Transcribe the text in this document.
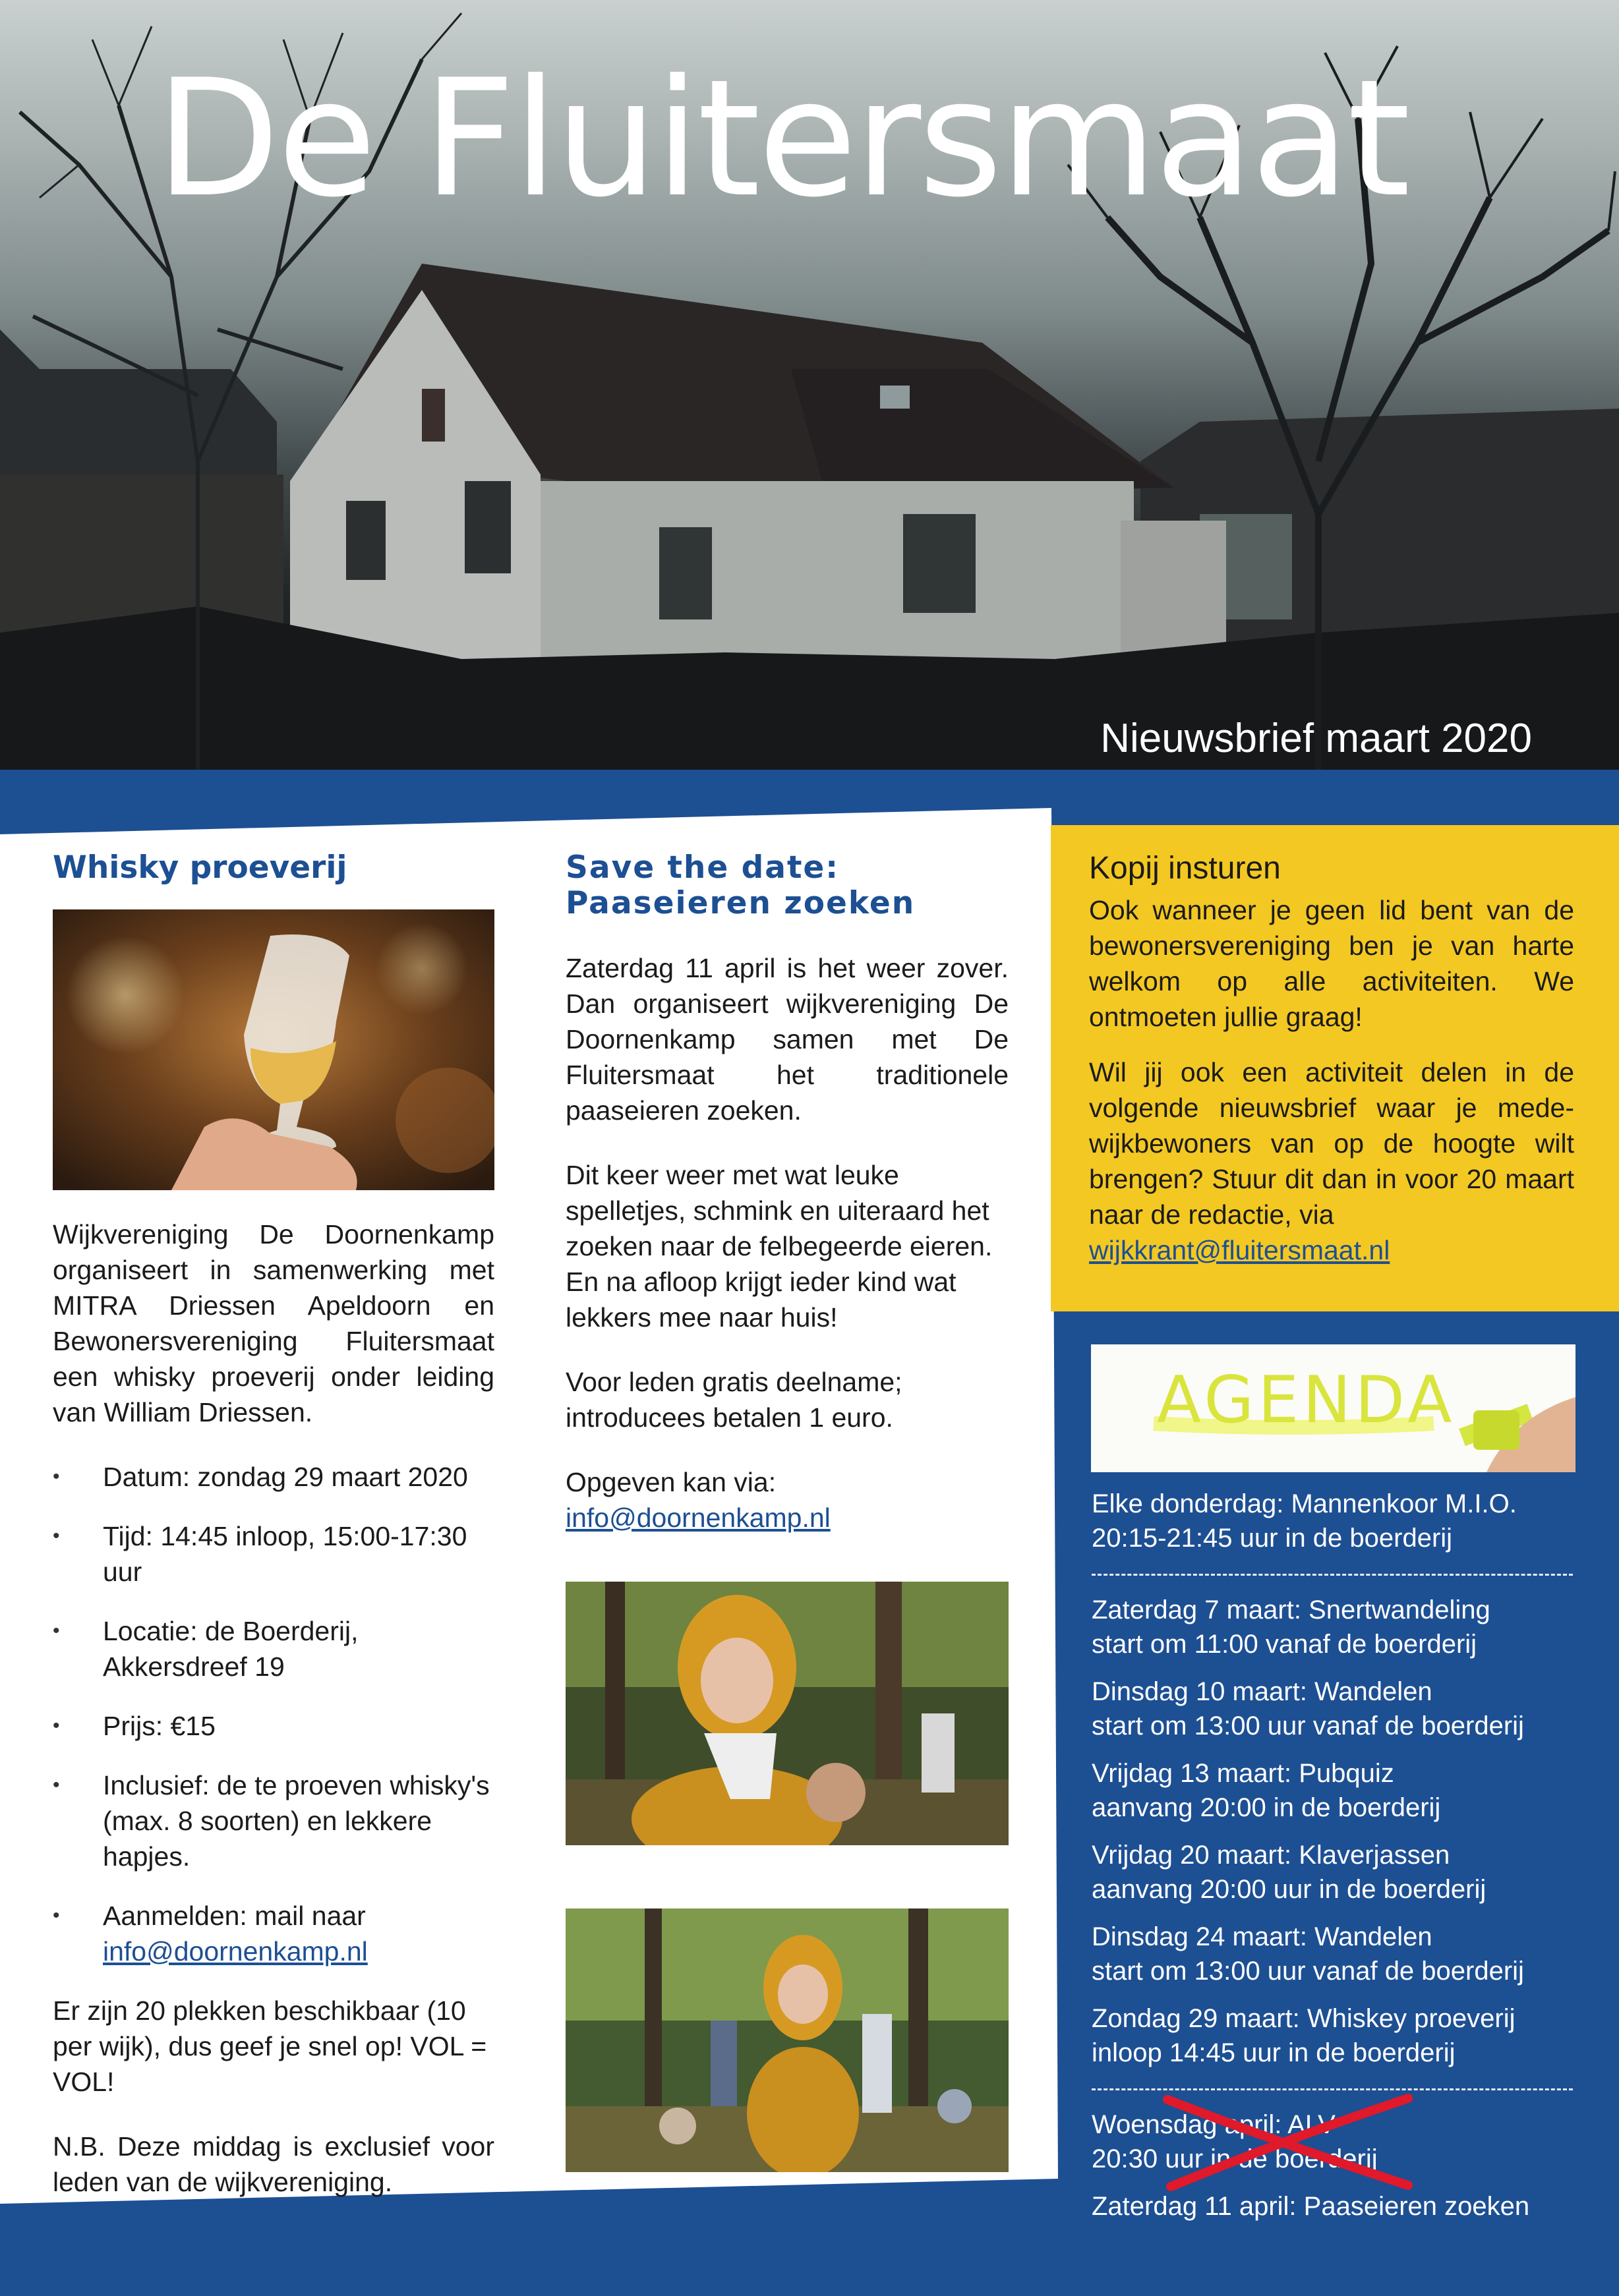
De Fluitersmaat

Nieuwsbrief maart 2020

Whisky proeverij

Wijkvereniging De Doornenkamp organiseert in samenwerking met MITRA Driessen Apeldoorn en Bewonersvereniging Fluitersmaat een whisky proeverij onder leiding van William Driessen.

• Datum: zondag 29 maart 2020
• Tijd: 14:45 inloop, 15:00-17:30 uur
• Locatie: de Boerderij, Akkersdreef 19
• Prijs: €15
• Inclusief: de te proeven whisky's (max. 8 soorten) en lekkere hapjes.
• Aanmelden: mail naar
info@doornenkamp.nl

Er zijn 20 plekken beschikbaar (10 per wijk), dus geef je snel op! VOL = VOL!

N.B. Deze middag is exclusief voor leden van de wijkvereniging.

Save the date: Paaseieren zoeken

Zaterdag 11 april is het weer zover. Dan organiseert wijkvereniging De Doornenkamp samen met De Fluitersmaat het traditionele paaseieren zoeken.

Dit keer weer met wat leuke spelletjes, schmink en uiteraard het zoeken naar de felbegeerde eieren. En na afloop krijgt ieder kind wat lekkers mee naar huis!

Voor leden gratis deelname; introducees betalen 1 euro.

Opgeven kan via:

info@doornenkamp.nl

Kopij insturen

Ook wanneer je geen lid bent van de bewonersvereniging ben je van harte welkom op alle activiteiten. We ontmoeten jullie graag!

Wil jij ook een activiteit delen in de volgende nieuwsbrief waar je mede-wijkbewoners van op de hoogte wilt brengen? Stuur dit dan in voor 20 maart naar de redactie, via

wijkkrant@fluitersmaat.nl

AGENDA
Elke donderdag: Mannenkoor M.I.O.
20:15-21:45 uur in de boerderij
Zaterdag 7 maart: Snertwandeling
start om 11:00 vanaf de boerderij
Dinsdag 10 maart: Wandelen
start om 13:00 uur vanaf de boerderij
Vrijdag 13 maart: Pubquiz
aanvang 20:00 in de boerderij
Vrijdag 20 maart: Klaverjassen
aanvang 20:00 uur in de boerderij
Dinsdag 24 maart: Wandelen
start om 13:00 uur vanaf de boerderij
Zondag 29 maart: Whiskey proeverij
inloop 14:45 uur in de boerderij
Woensdag april: ALV
20:30 uur in de boerderij
Zaterdag 11 april: Paaseieren zoeken
